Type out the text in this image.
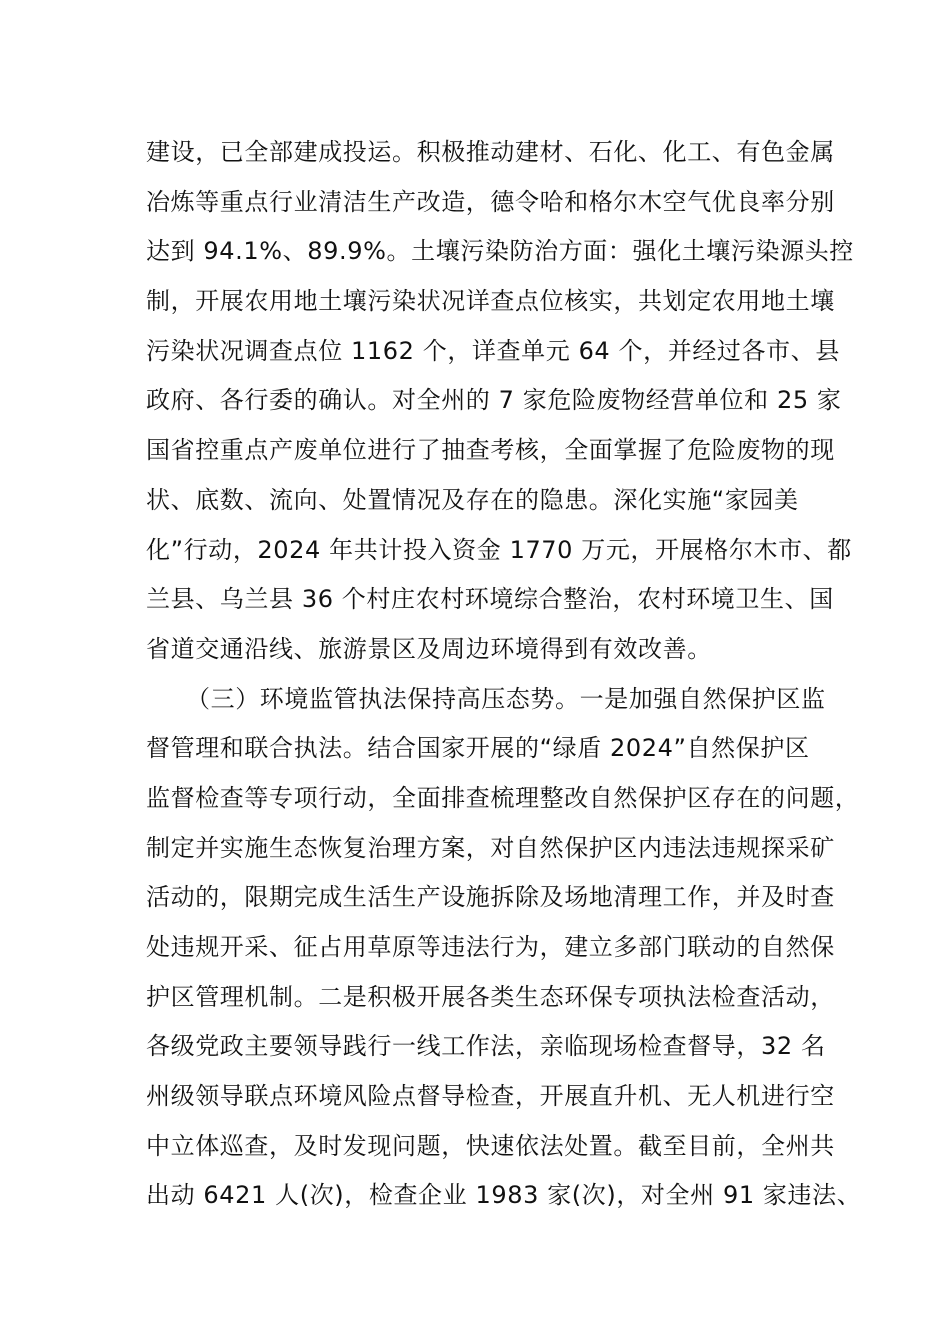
建设，已全部建成投运。积极推动建材、石化、化工、有色金属
冶炼等重点行业清洁生产改造，德令哈和格尔木空气优良率分别
达到 94.1%、89.9%。土壤污染防治方面：强化土壤污染源头控
制，开展农用地土壤污染状况详查点位核实，共划定农用地土壤
污染状况调查点位 1162 个，详查单元 64 个，并经过各市、县
政府、各行委的确认。对全州的 7 家危险废物经营单位和 25 家
国省控重点产废单位进行了抽查考核，全面掌握了危险废物的现
状、底数、流向、处置情况及存在的隐患。深化实施“家园美
化”行动，2024 年共计投入资金 1770 万元，开展格尔木市、都
兰县、乌兰县 36 个村庄农村环境综合整治，农村环境卫生、国
省道交通沿线、旅游景区及周边环境得到有效改善。
（三）环境监管执法保持高压态势。一是加强自然保护区监
督管理和联合执法。结合国家开展的“绿盾 2024”自然保护区
监督检查等专项行动，全面排查梳理整改自然保护区存在的问题，
制定并实施生态恢复治理方案，对自然保护区内违法违规探采矿
活动的，限期完成生活生产设施拆除及场地清理工作，并及时查
处违规开采、征占用草原等违法行为，建立多部门联动的自然保
护区管理机制。二是积极开展各类生态环保专项执法检查活动，
各级党政主要领导践行一线工作法，亲临现场检查督导，32 名
州级领导联点环境风险点督导检查，开展直升机、无人机进行空
中立体巡查，及时发现问题，快速依法处置。截至目前，全州共
出动 6421 人(次)，检查企业 1983 家(次)，对全州 91 家违法、
